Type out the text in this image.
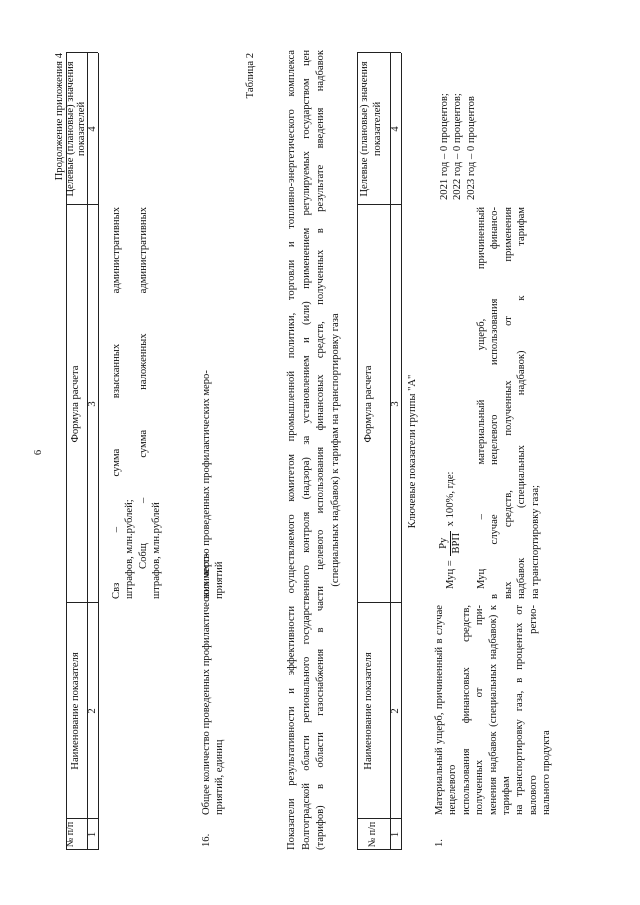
6
Продолжение приложения 4
№ п/п
Наименование показателя
Формула расчета
Целевые (плановые) значения показателей
1
2
3
4
Свз – сумма взысканных административных штрафов, млн.рублей; Собщ – сумма наложенных административных штрафов, млн.рублей
16.
Общее количество проведенных профилактических меро- приятий, единиц
количество проведенных профилактических меро- приятий
Таблица 2	Показатели результативности и эффективности осуществляемого комитетом промышленной политики, торговли и топливно-энергетического комплекса Волгоградской области регионального государственного контроля (надзора) за установлением и (или) применением регулируемых государством цен (тарифов) в области газоснабжения в части целевого использования финансовых средств, полученных в результате введения надбавок (специальных надбавок) к тарифам на транспортировку газа
№ п/п
Наименование показателя
Формула расчета
Целевые (плановые) значения показателей
1
2
3
4
Ключевые показатели группы "А"
1.
Материальный ущерб, причиненный в случае нецелевого использования финансовых средств, полученных от при- менения надбавок (специальных надбавок) к тарифам на транспортировку газа, в процентах от валового регио- нального продукта
Муц =
Ру ВРП
x 100%, где:	Муц – материальный ущерб, причиненный в случае нецелевого использования финансо- вых средств, полученных от применения надбавок (специальных надбавок) к тарифам на транспортировку газа;
2021 год – 0 процентов; 2022 год – 0 процентов; 2023 год – 0 процентов
